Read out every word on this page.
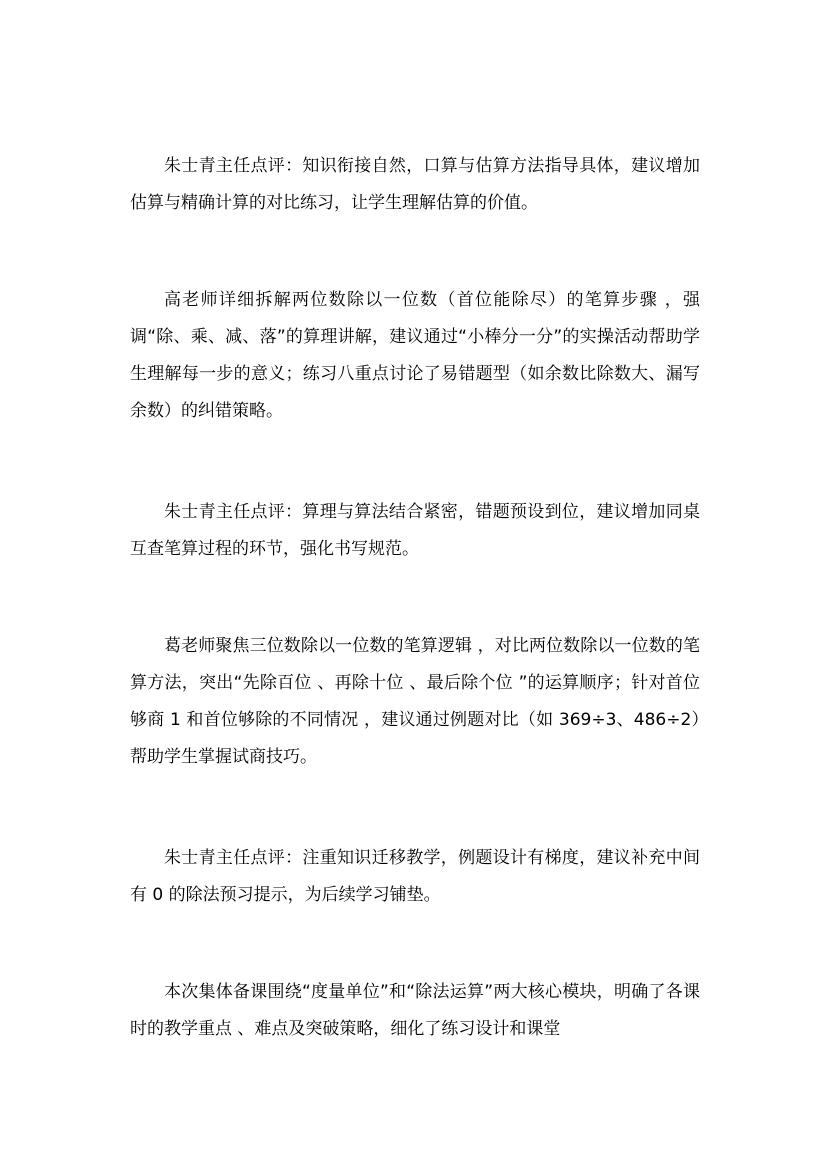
朱士青主任点评：知识衔接自然，口算与估算方法指导具体，建议增加估算与精确计算的对比练习，让学生理解估算的价值。

高老师详细拆解两位数除以一位数（首位能除尽）的笔算步骤 ，强调“除、乘、减、落”的算理讲解，建议通过“小棒分一分”的实操活动帮助学生理解每一步的意义；练习八重点讨论了易错题型（如余数比除数大、漏写余数）的纠错策略。

朱士青主任点评：算理与算法结合紧密，错题预设到位，建议增加同桌互查笔算过程的环节，强化书写规范。

葛老师聚焦三位数除以一位数的笔算逻辑 ，对比两位数除以一位数的笔算方法，突出“先除百位 、再除十位 、最后除个位 ”的运算顺序；针对首位够商 1 和首位够除的不同情况 ，建议通过例题对比（如 369÷3、486÷2）帮助学生掌握试商技巧。

朱士青主任点评：注重知识迁移教学，例题设计有梯度，建议补充中间有 0 的除法预习提示，为后续学习铺垫。

本次集体备课围绕“度量单位”和“除法运算”两大核心模块，明确了各课时的教学重点 、难点及突破策略，细化了练习设计和课堂
